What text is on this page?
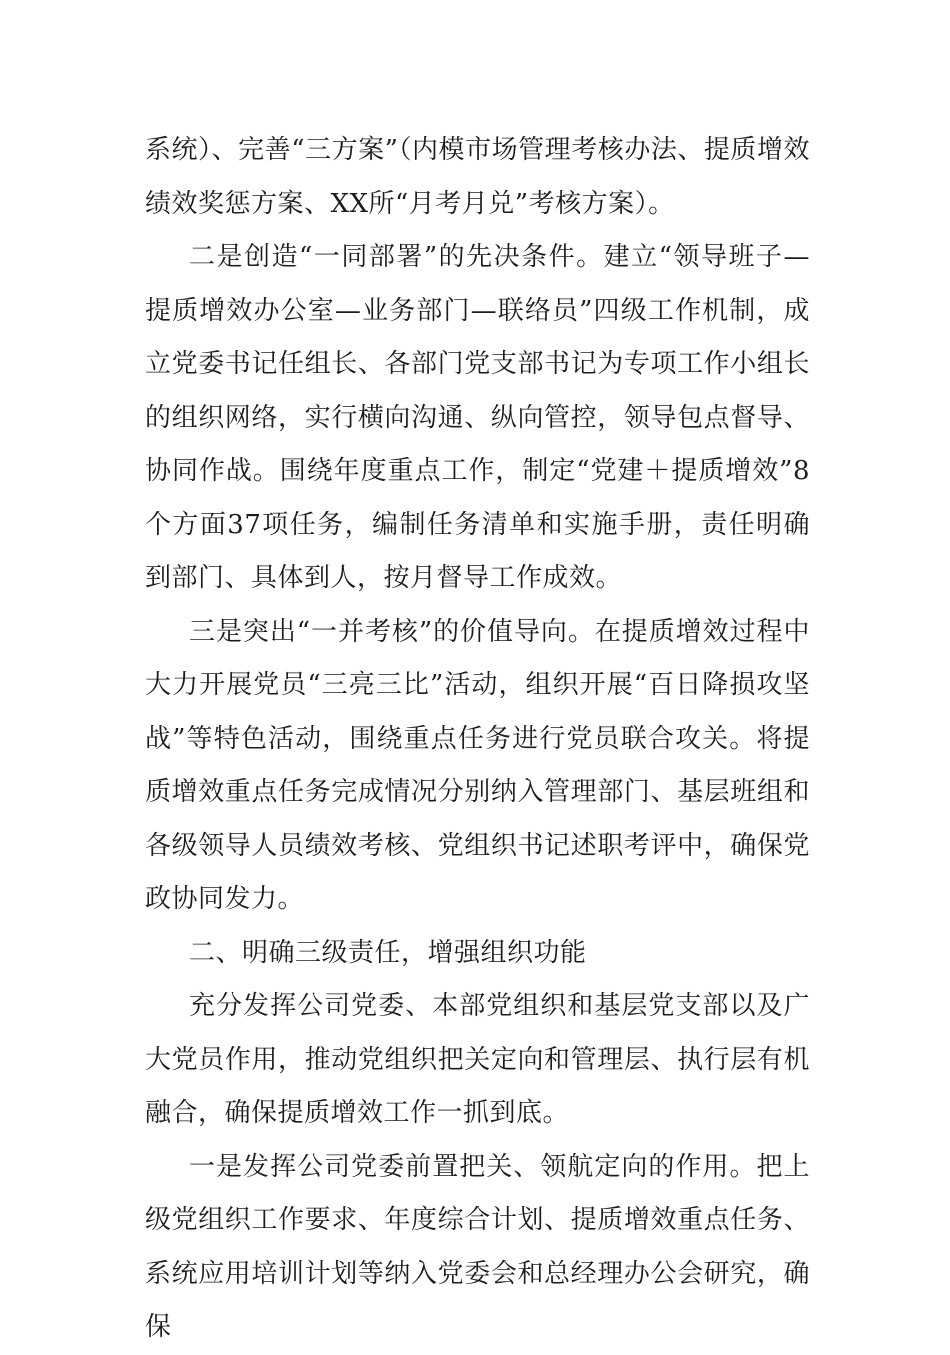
系统）、完善“三方案”（内模市场管理考核办法、提质增效绩效奖惩方案、XX所“月考月兑”考核方案）。

二是创造“一同部署”的先决条件。建立“领导班子—提质增效办公室—业务部门—联络员”四级工作机制，成立党委书记任组长、各部门党支部书记为专项工作小组长的组织网络，实行横向沟通、纵向管控，领导包点督导、协同作战。围绕年度重点工作，制定“党建＋提质增效”8个方面37项任务，编制任务清单和实施手册，责任明确到部门、具体到人，按月督导工作成效。

三是突出“一并考核”的价值导向。在提质增效过程中大力开展党员“三亮三比”活动，组织开展“百日降损攻坚战”等特色活动，围绕重点任务进行党员联合攻关。将提质增效重点任务完成情况分别纳入管理部门、基层班组和各级领导人员绩效考核、党组织书记述职考评中，确保党政协同发力。

二、明确三级责任，增强组织功能

充分发挥公司党委、本部党组织和基层党支部以及广大党员作用，推动党组织把关定向和管理层、执行层有机融合，确保提质增效工作一抓到底。

一是发挥公司党委前置把关、领航定向的作用。把上级党组织工作要求、年度综合计划、提质增效重点任务、系统应用培训计划等纳入党委会和总经理办公会研究，确保
